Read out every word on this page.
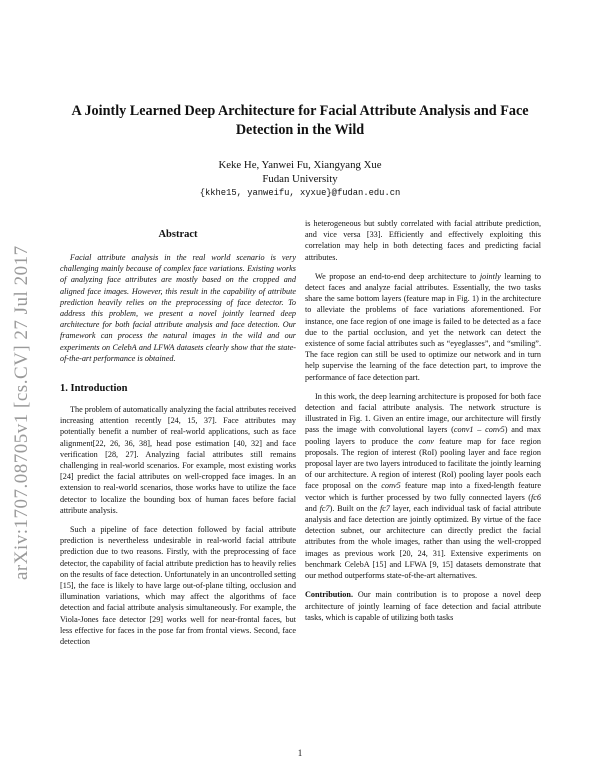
arXiv:1707.08705v1 [cs.CV] 27 Jul 2017
A Jointly Learned Deep Architecture for Facial Attribute Analysis and Face Detection in the Wild
Keke He, Yanwei Fu, Xiangyang Xue
Fudan University
{kkhe15, yanweifu, xyxue}@fudan.edu.cn
Abstract

Facial attribute analysis in the real world scenario is very challenging mainly because of complex face variations. Existing works of analyzing face attributes are mostly based on the cropped and aligned face images. However, this result in the capability of attribute prediction heavily relies on the preprocessing of face detector. To address this problem, we present a novel jointly learned deep architecture for both facial attribute analysis and face detection. Our framework can process the natural images in the wild and our experiments on CelebA and LFWA datasets clearly show that the state-of-the-art performance is obtained.

1. Introduction

The problem of automatically analyzing the facial attributes received increasing attention recently [24, 15, 37]. Face attributes may potentially benefit a number of real-world applications, such as face alignment[22, 26, 36, 38], head pose estimation [40, 32] and face verification [28, 27]. Analyzing facial attributes still remains challenging in real-world scenarios. For example, most existing works [24] predict the facial attributes on well-cropped face images. In an extension to real-world scenarios, those works have to utilize the face detector to localize the bounding box of human faces before facial attribute analysis.

Such a pipeline of face detection followed by facial attribute prediction is nevertheless undesirable in real-world facial attribute prediction due to two reasons. Firstly, with the preprocessing of face detector, the capability of facial attribute prediction has to heavily relies on the results of face detection. Unfortunately in an uncontrolled setting [15], the face is likely to have large out-of-plane tilting, occlusion and illumination variations, which may affect the algorithms of face detection and facial attribute analysis simultaneously. For example, the Viola-Jones face detector [29] works well for near-frontal faces, but less effective for faces in the pose far from frontal views. Second, face detection

is heterogeneous but subtly correlated with facial attribute prediction, and vice versa [33]. Efficiently and effectively exploiting this correlation may help in both detecting faces and predicting facial attributes.

We propose an end-to-end deep architecture to jointly learning to detect faces and analyze facial attributes. Essentially, the two tasks share the same bottom layers (feature map in Fig. 1) in the architecture to alleviate the problems of face variations aforementioned. For instance, one face region of one image is failed to be detected as a face due to the partial occlusion, and yet the network can detect the existence of some facial attributes such as “eyeglasses”, and “smiling”. The face region can still be used to optimize our network and in turn help supervise the learning of the face detection part, to improve the performance of face detection part.

In this work, the deep learning architecture is proposed for both face detection and facial attribute analysis. The network structure is illustrated in Fig. 1. Given an entire image, our architecture will firstly pass the image with convolutional layers (conv1 – conv5) and max pooling layers to produce the conv feature map for face region proposals. The region of interest (RoI) pooling layer and face region proposal layer are two layers introduced to facilitate the jointly learning of our architecture. A region of interest (RoI) pooling layer pools each face proposal on the conv5 feature map into a fixed-length feature vector which is further processed by two fully connected layers (fc6 and fc7). Built on the fc7 layer, each individual task of facial attribute analysis and face detection are jointly optimized. By virtue of the face detection subnet, our architecture can directly predict the facial attributes from the whole images, rather than using the well-cropped images as previous work [20, 24, 31]. Extensive experiments on benchmark CelebA [15] and LFWA [9, 15] datasets demonstrate that our method outperforms state-of-the-art alternatives.

Contribution. Our main contribution is to propose a novel deep architecture of jointly learning of face detection and facial attribute tasks, which is capable of utilizing both tasks

1
